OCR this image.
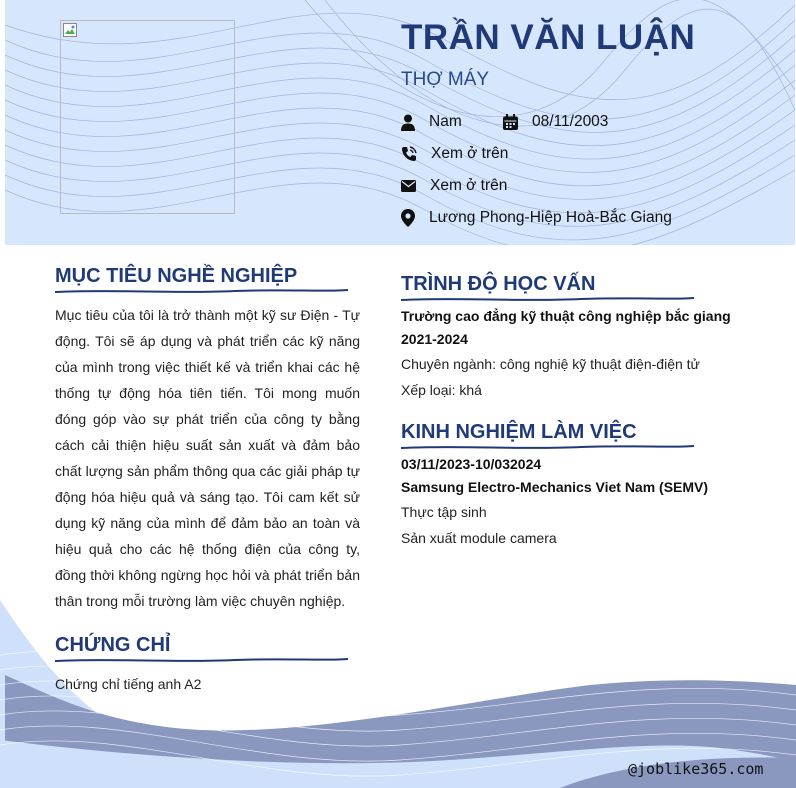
TRẦN VĂN LUẬN
THỢ MÁY
Nam	08/11/2003
Xem ở trên
Xem ở trên
Lương Phong-Hiệp Hoà-Bắc Giang
MỤC TIÊU NGHỀ NGHIỆP
Mục tiêu của tôi là trở thành một kỹ sư Điện - Tự động. Tôi sẽ áp dụng và phát triển các kỹ năng của mình trong việc thiết kế và triển khai các hệ thống tự động hóa tiên tiến. Tôi mong muốn đóng góp vào sự phát triển của công ty bằng cách cải thiện hiệu suất sản xuất và đảm bảo chất lượng sản phẩm thông qua các giải pháp tự động hóa hiệu quả và sáng tạo. Tôi cam kết sử dụng kỹ năng của mình để đảm bảo an toàn và hiệu quả cho các hệ thống điện của công ty, đồng thời không ngừng học hỏi và phát triển bản thân trong mỗi trường làm việc chuyên nghiệp.
CHỨNG CHỈ
Chứng chỉ tiếng anh A2
TRÌNH ĐỘ HỌC VẤN
Trường cao đẳng kỹ thuật công nghiệp bắc giang
2021-2024
Chuyên ngành: công nghiệ kỹ thuật điện-điện tử
Xếp loại: khá
KINH NGHIỆM LÀM VIỆC
03/11/2023-10/032024
Samsung Electro-Mechanics Viet Nam (SEMV)
Thực tập sinh
Sản xuất module camera
@joblike365.com
